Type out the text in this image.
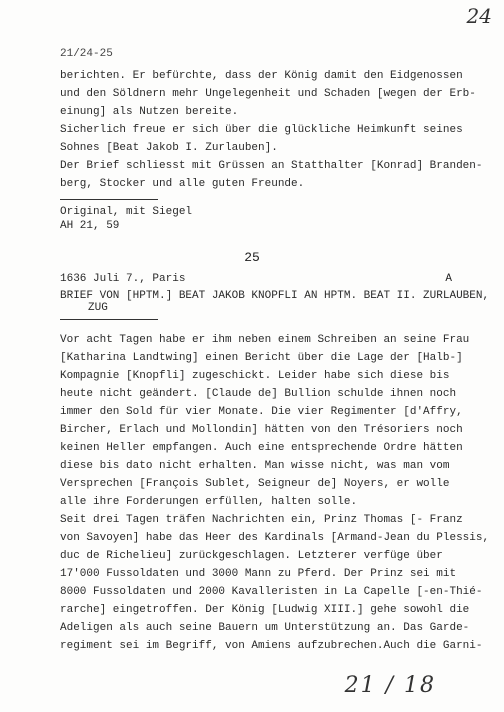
24
21/24-25
berichten. Er befürchte, dass der König damit den Eidgenossen
und den Söldnern mehr Ungelegenheit und Schaden [wegen der Erb-
einung] als Nutzen bereite.
Sicherlich freue er sich über die glückliche Heimkunft seines
Sohnes [Beat Jakob I. Zurlauben].
Der Brief schliesst mit Grüssen an Statthalter [Konrad] Branden-
berg, Stocker und alle guten Freunde.
Original, mit Siegel
AH 21, 59
25
1636 Juli 7., Paris	A
BRIEF VON [HPTM.] BEAT JAKOB KNOPFLI AN HPTM. BEAT II. ZURLAUBEN,
ZUG
Vor acht Tagen habe er ihm neben einem Schreiben an seine Frau
[Katharina Landtwing] einen Bericht über die Lage der [Halb-]
Kompagnie [Knopfli] zugeschickt. Leider habe sich diese bis
heute nicht geändert. [Claude de] Bullion schulde ihnen noch
immer den Sold für vier Monate. Die vier Regimenter [d'Affry,
Bircher, Erlach und Mollondin] hätten von den Trésoriers noch
keinen Heller empfangen. Auch eine entsprechende Ordre hätten
diese bis dato nicht erhalten. Man wisse nicht, was man vom
Versprechen [François Sublet, Seigneur de] Noyers, er wolle
alle ihre Forderungen erfüllen, halten solle.
Seit drei Tagen träfen Nachrichten ein, Prinz Thomas [- Franz
von Savoyen] habe das Heer des Kardinals [Armand-Jean du Plessis,
duc de Richelieu] zurückgeschlagen. Letzterer verfüge über
17'000 Fussoldaten und 3000 Mann zu Pferd. Der Prinz sei mit
8000 Fussoldaten und 2000 Kavalleristen in La Capelle [-en-Thié-
rarche] eingetroffen. Der König [Ludwig XIII.] gehe sowohl die
Adeligen als auch seine Bauern um Unterstützung an. Das Garde-
regiment sei im Begriff, von Amiens aufzubrechen.Auch die Garni-
21 / 18
